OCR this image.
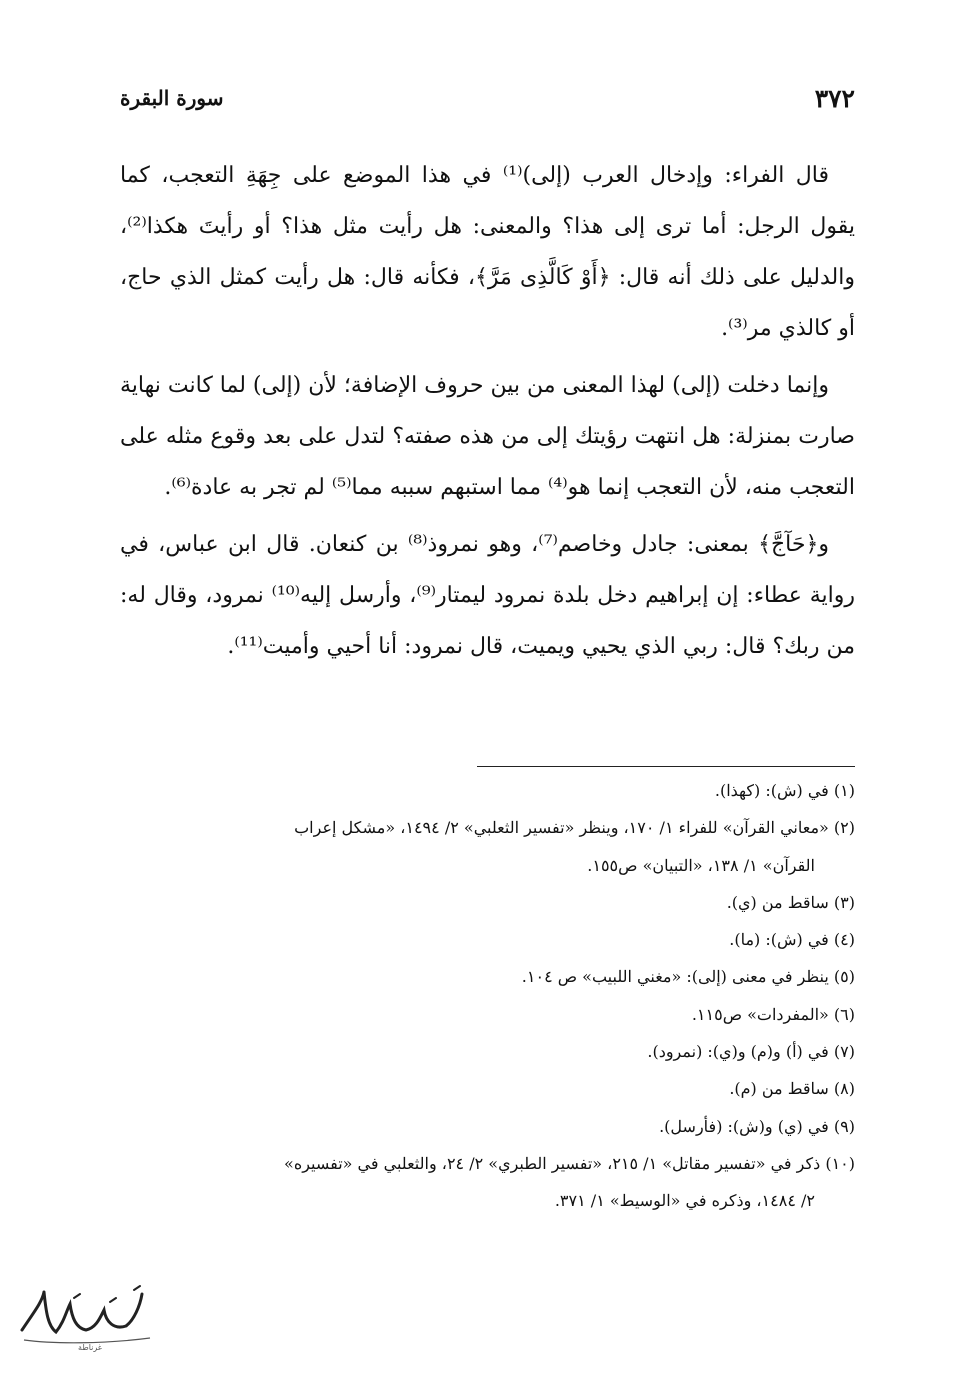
٣٧٢
سورة البقرة

قال الفراء: وإدخال العرب (إلى)⁽¹⁾ في هذا الموضع على جِهَةِ التعجب، كما يقول الرجل: أما ترى إلى هذا؟ والمعنى: هل رأيت مثل هذا؟ أو رأيتَ هكذا⁽²⁾، والدليل على ذلك أنه قال: ﴿أَوْ كَالَّذِى مَرَّ﴾، فكأنه قال: هل رأيت كمثل الذي حاج، أو كالذي مر⁽³⁾.

وإنما دخلت (إلى) لهذا المعنى من بين حروف الإضافة؛ لأن (إلى) لما كانت نهاية صارت بمنزلة: هل انتهت رؤيتك إلى من هذه صفته؟ لتدل على بعد وقوع مثله على التعجب منه، لأن التعجب إنما هو⁽⁴⁾ مما استبهم سببه مما⁽⁵⁾ لم تجر به عادة⁽⁶⁾.

و﴿حَآجَّ﴾ بمعنى: جادل وخاصم⁽⁷⁾، وهو نمروذ⁽⁸⁾ بن كنعان. قال ابن عباس، في رواية عطاء: إن إبراهيم دخل بلدة نمرود ليمتار⁽⁹⁾، وأرسل إليه⁽¹⁰⁾ نمرود، وقال له: من ربك؟ قال: ربي الذي يحيي ويميت، قال نمرود: أنا أحيي وأميت⁽¹¹⁾.

(١) في (ش): (كهذا).
(٢) «معاني القرآن» للفراء ١/ ١٧٠، وينظر «تفسير الثعلبي» ٢/ ١٤٩٤، «مشكل إعراب
القرآن» ١/ ١٣٨، «التبيان» ص١٥٥.
(٣) ساقط من (ي).
(٤) في (ش): (ما).
(٥) ينظر في معنى (إلى): «مغني اللبيب» ص ١٠٤.
(٦) «المفردات» ص١١٥.
(٧) في (أ) و(م) و(ي): (نمرود).
(٨) ساقط من (م).
(٩) في (ي) و(ش): (فأرسل).
(١٠) ذكر في «تفسير مقاتل» ١/ ٢١٥، «تفسير الطبري» ٢/ ٢٤، والثعلبي في «تفسيره»
٢/ ١٤٨٤، وذكره في «الوسيط» ١/ ٣٧١.
غرناطة
